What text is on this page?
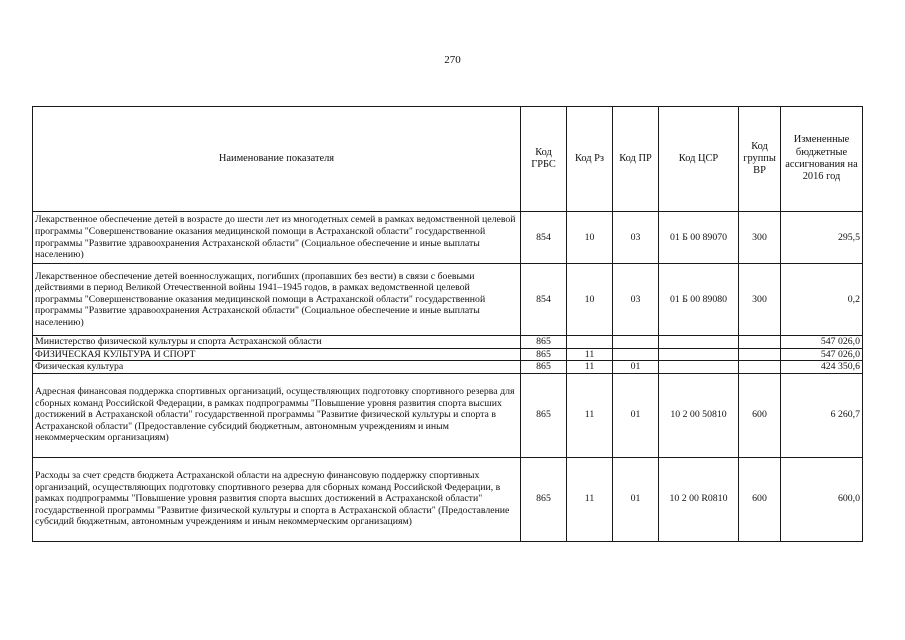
270
Наименование показателя	Код ГРБС	Код Рз	Код ПР	Код ЦСР	Код группы ВР	Измененные бюджетные ассигнования на 2016 год
Лекарственное обеспечение детей в возрасте до шести лет из многодетных семей в рамках ведомственной целевой программы "Совершенствование оказания медицинской помощи в Астраханской области" государственной программы "Развитие здравоохранения Астраханской области" (Социальное обеспечение и иные выплаты населению)	854	10	03	01 Б 00 89070	300	295,5
Лекарственное обеспечение детей военнослужащих, погибших (пропавших без вести) в связи с боевыми действиями в период Великой Отечественной войны 1941–1945 годов, в рамках ведомственной целевой программы "Совершенствование оказания медицинской помощи в Астраханской области" государственной программы "Развитие здравоохранения Астраханской области" (Социальное обеспечение и иные выплаты населению)	854	10	03	01 Б 00 89080	300	0,2
Министерство физической культуры и спорта Астраханской области	865					547 026,0
ФИЗИЧЕСКАЯ КУЛЬТУРА И СПОРТ	865	11				547 026,0
Физическая культура	865	11	01			424 350,6
Адресная финансовая поддержка спортивных организаций, осуществляющих подготовку спортивного резерва для сборных команд Российской Федерации, в рамках подпрограммы "Повышение уровня развития спорта высших достижений в Астраханской области" государственной программы "Развитие физической культуры и спорта в Астраханской области" (Предоставление субсидий бюджетным, автономным учреждениям и иным некоммерческим организациям)	865	11	01	10 2 00 50810	600	6 260,7
Расходы за счет средств бюджета Астраханской области на адресную финансовую поддержку спортивных организаций, осуществляющих подготовку спортивного резерва для сборных команд Российской Федерации, в рамках подпрограммы "Повышение уровня развития спорта высших достижений в Астраханской области" государственной программы "Развитие физической культуры и спорта в Астраханской области" (Предоставление субсидий бюджетным, автономным учреждениям и иным некоммерческим организациям)	865	11	01	10 2 00 R0810	600	600,0
